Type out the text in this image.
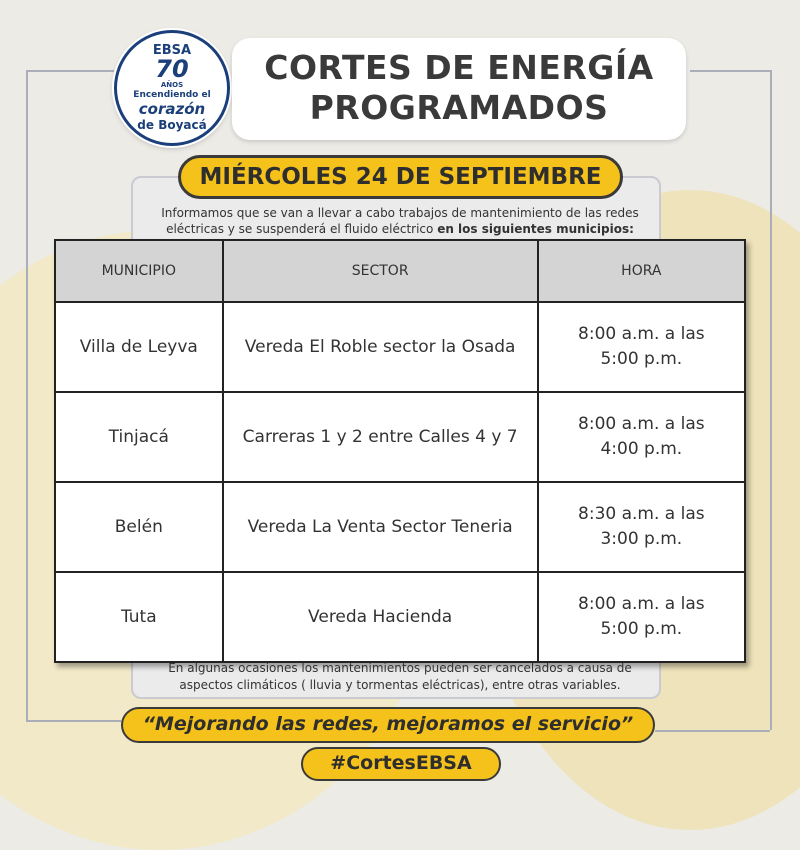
EBSA
70
AÑOS
Encendiendo el
corazón
de Boyacá
CORTES DE ENERGÍA
PROGRAMADOS
MIÉRCOLES 24 DE SEPTIEMBRE
Informamos que se van a llevar a cabo trabajos de mantenimiento de las redes eléctricas y se suspenderá el fluido eléctrico en los siguientes municipios:
MUNICIPIO	SECTOR	HORA
Villa de Leyva	Vereda El Roble sector la Osada	8:00 a.m. a las
5:00 p.m.
Tinjacá	Carreras 1 y 2 entre Calles 4 y 7	8:00 a.m. a las
4:00 p.m.
Belén	Vereda La Venta Sector Teneria	8:30 a.m. a las
3:00 p.m.
Tuta	Vereda Hacienda	8:00 a.m. a las
5:00 p.m.
En algunas ocasiones los mantenimientos pueden ser cancelados a causa de aspectos climáticos ( lluvia y tormentas eléctricas), entre otras variables.
“Mejorando las redes, mejoramos el servicio”
#CortesEBSA
